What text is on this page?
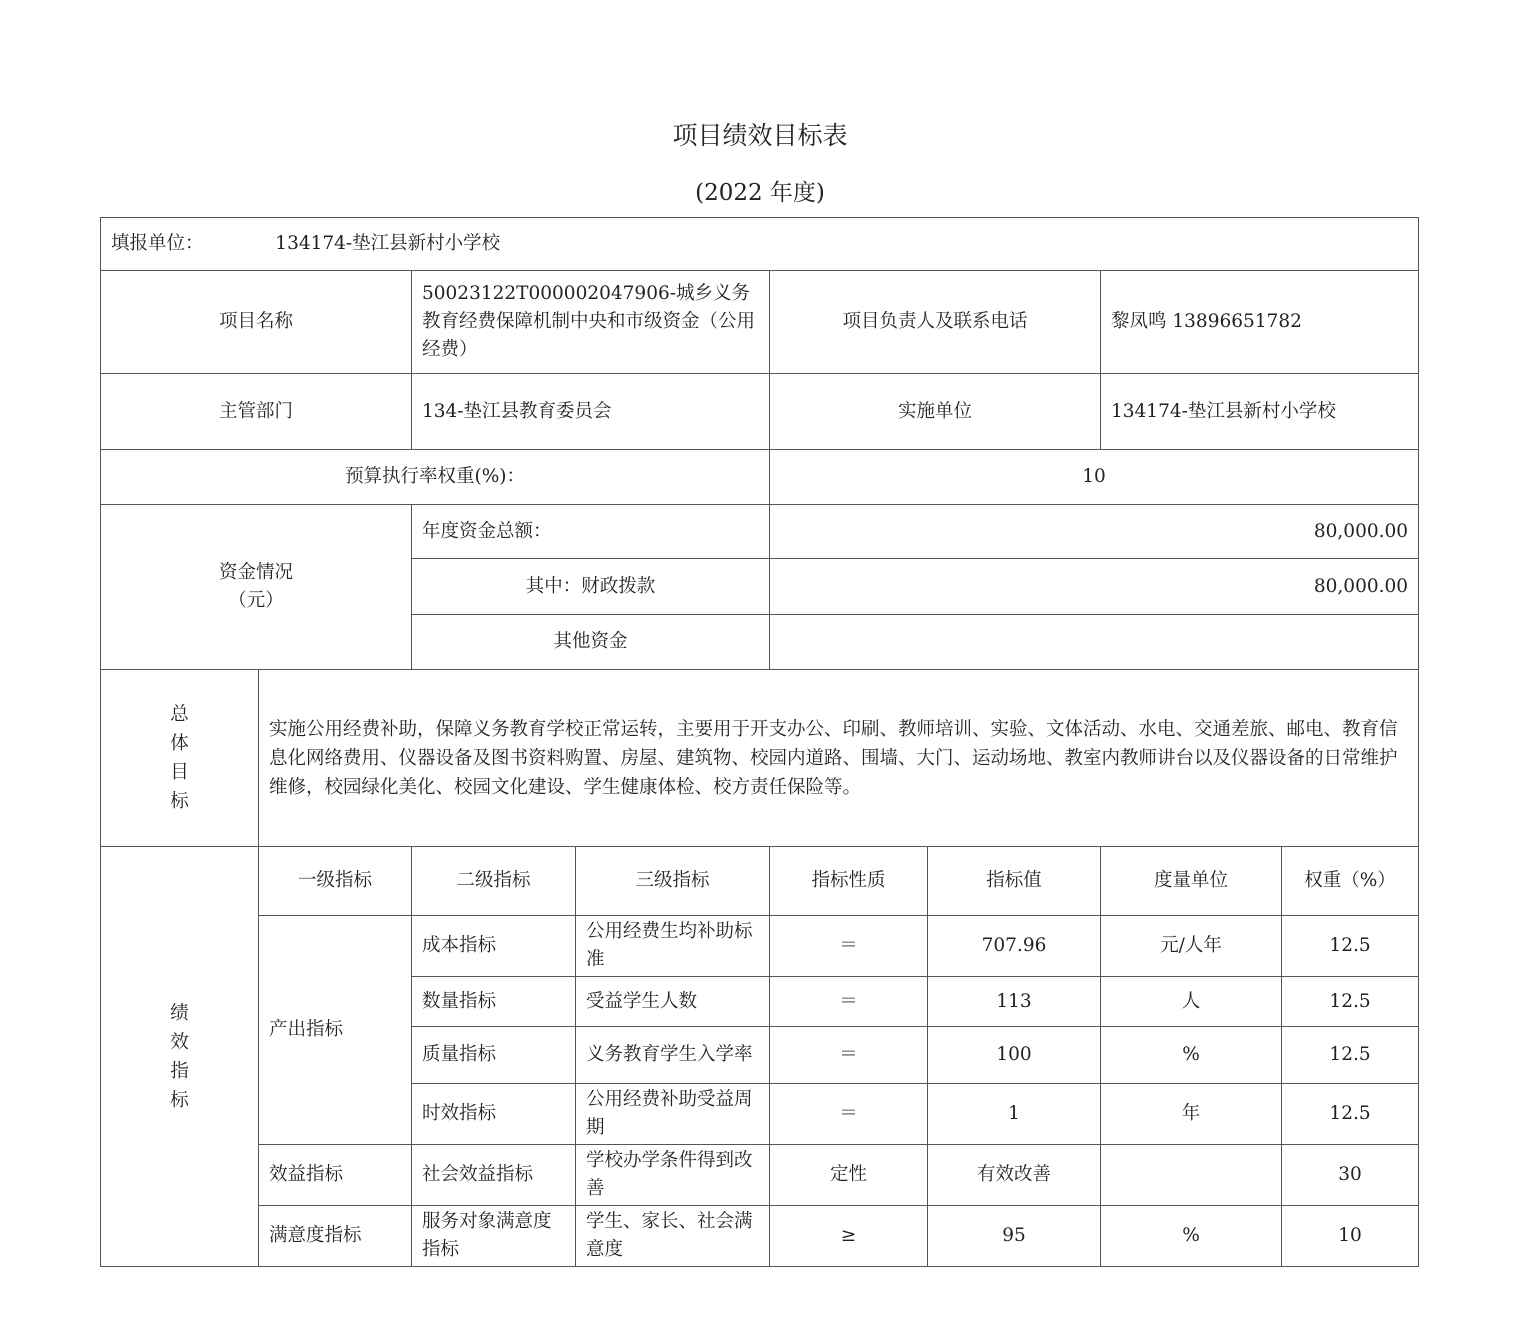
项目绩效目标表
(2022 年度)
填报单位： 134174-垫江县新村小学校							
项目名称		50023122T000002047906-城乡义务教育经费保障机制中央和市级资金（公用经费）		项目负责人及联系电话		黎凤鸣 13896651782	
主管部门		134-垫江县教育委员会		实施单位		134174-垫江县新村小学校	
预算执行率权重(%)：				10			

资金情况
（元）		年度资金总额：		80,000.00			
		其中：财政拨款		80,000.00			
		其他资金					

总
体
目
标	实施公用经费补助，保障义务教育学校正常运转，主要用于开支办公、印刷、教师培训、实验、文体活动、水电、交通差旅、邮电、教育信息化网络费用、仪器设备及图书资料购置、房屋、建筑物、校园内道路、围墙、大门、运动场地、教室内教师讲台以及仪器设备的日常维护维修，校园绿化美化、校园文化建设、学生健康体检、校方责任保险等。						

绩
效
指
标	一级指标	二级指标	三级指标	指标性质	指标值	度量单位	权重（%）
	产出指标	成本指标	公用经费生均补助标准	＝	707.96	元/人年	12.5
		数量指标	受益学生人数	＝	113	人	12.5
		质量指标	义务教育学生入学率	＝	100	%	12.5
		时效指标	公用经费补助受益周期	＝	1	年	12.5
	效益指标	社会效益指标	学校办学条件得到改善	定性	有效改善		30
	满意度指标	服务对象满意度指标	学生、家长、社会满意度	≥	95	%	10
